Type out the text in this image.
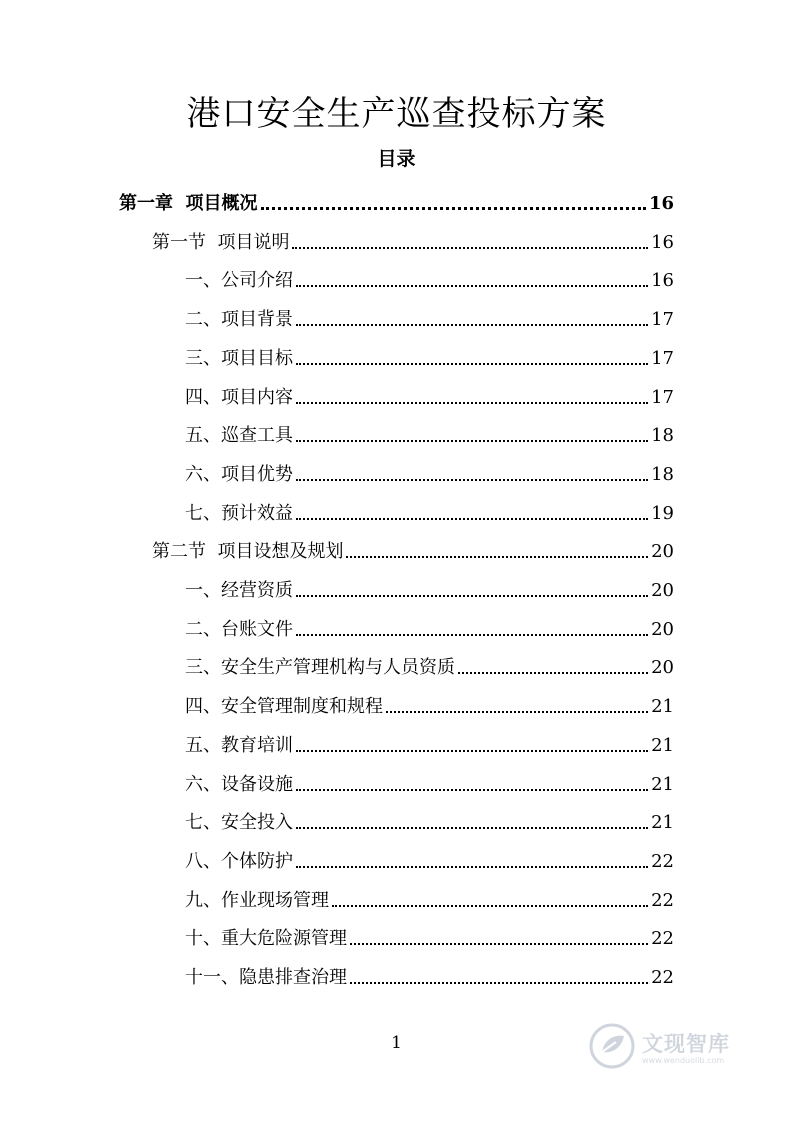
港口安全生产巡查投标方案
目录
第一章  项目概况	16
第一节  项目说明	16
一、公司介绍	16
二、项目背景	17
三、项目目标	17
四、项目内容	17
五、巡查工具	18
六、项目优势	18
七、预计效益	19
第二节  项目设想及规划	20
一、经营资质	20
二、台账文件	20
三、安全生产管理机构与人员资质	20
四、安全管理制度和规程	21
五、教育培训	21
六、设备设施	21
七、安全投入	21
八、个体防护	22
九、作业现场管理	22
十、重大危险源管理	22
十一、隐患排查治理	22
1	文现智库
www.wenduolib.com
